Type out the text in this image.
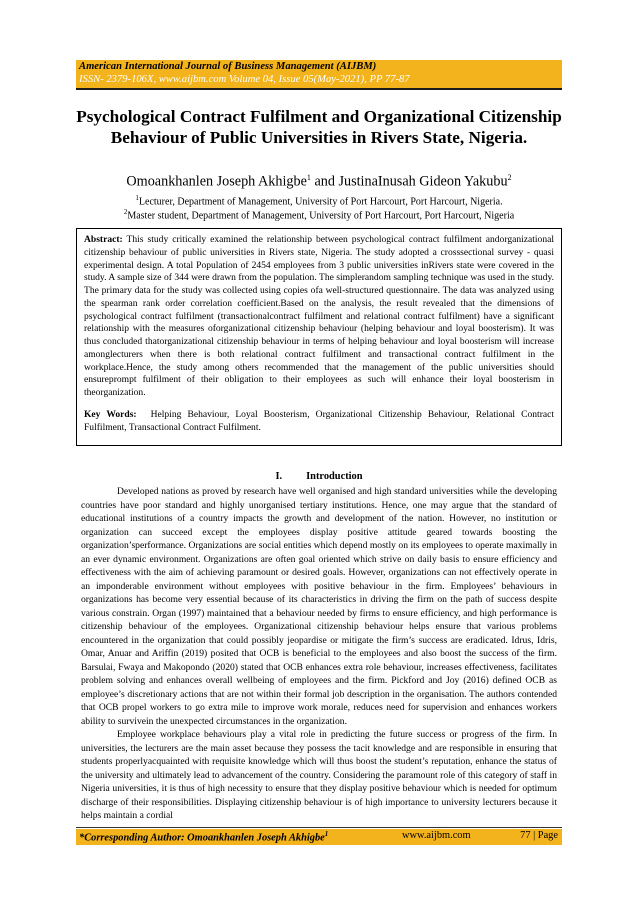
American International Journal of Business Management (AIJBM)
ISSN- 2379-106X, www.aijbm.com Volume 04, Issue 05(May-2021), PP 77-87
Psychological Contract Fulfilment and Organizational Citizenship Behaviour of Public Universities in Rivers State, Nigeria.
Omoankhanlen Joseph Akhigbe$^1$ and JustinaInusah Gideon Yakubu$^2$
$^1$Lecturer, Department of Management, University of Port Harcourt, Port Harcourt, Nigeria.
$^2$Master student, Department of Management, University of Port Harcourt, Port Harcourt, Nigeria
Abstract: This study critically examined the relationship between psychological contract fulfilment andorganizational citizenship behaviour of public universities in Rivers state, Nigeria. The study adopted a crosssectional survey - quasi experimental design. A total Population of 2454 employees from 3 public universities inRivers state were covered in the study. A sample size of 344 were drawn from the population. The simplerandom sampling technique was used in the study. The primary data for the study was collected using copies ofa well-structured questionnaire. The data was analyzed using the spearman rank order correlation coefficient.Based on the analysis, the result revealed that the dimensions of psychological contract fulfilment (transactionalcontract fulfilment and relational contract fulfilment) have a significant relationship with the measures oforganizational citizenship behaviour (helping behaviour and loyal boosterism). It was thus concluded thatorganizational citizenship behaviour in terms of helping behaviour and loyal boosterism will increase amonglecturers when there is both relational contract fulfilment and transactional contract fulfilment in the workplace.Hence, the study among others recommended that the management of the public universities should ensureprompt fulfilment of their obligation to their employees as such will enhance their loyal boosterism in theorganization.
Key Words: Helping Behaviour, Loyal Boosterism, Organizational Citizenship Behaviour, Relational Contract Fulfilment, Transactional Contract Fulfilment.
I. Introduction

Developed nations as proved by research have well organised and high standard universities while the developing countries have poor standard and highly unorganised tertiary institutions. Hence, one may argue that the standard of educational institutions of a country impacts the growth and development of the nation. However, no institution or organization can succeed except the employees display positive attitude geared towards boosting the organization’sperformance. Organizations are social entities which depend mostly on its employees to operate maximally in an ever dynamic environment. Organizations are often goal oriented which strive on daily basis to ensure efficiency and effectiveness with the aim of achieving paramount or desired goals. However, organizations can not effectively operate in an imponderable environment without employees with positive behaviour in the firm. Employees’ behaviours in organizations has become very essential because of its characteristics in driving the firm on the path of success despite various constrain. Organ (1997) maintained that a behaviour needed by firms to ensure efficiency, and high performance is citizenship behaviour of the employees. Organizational citizenship behaviour helps ensure that various problems encountered in the organization that could possibly jeopardise or mitigate the firm’s success are eradicated. Idrus, Idris, Omar, Anuar and Ariffin (2019) posited that OCB is beneficial to the employees and also boost the success of the firm. Barsulai, Fwaya and Makopondo (2020) stated that OCB enhances extra role behaviour, increases effectiveness, facilitates problem solving and enhances overall wellbeing of employees and the firm. Pickford and Joy (2016) defined OCB as employee’s discretionary actions that are not within their formal job description in the organisation. The authors contended that OCB propel workers to go extra mile to improve work morale, reduces need for supervision and enhances workers ability to survivein the unexpected circumstances in the organization.

Employee workplace behaviours play a vital role in predicting the future success or progress of the firm. In universities, the lecturers are the main asset because they possess the tacit knowledge and are responsible in ensuring that students properlyacquainted with requisite knowledge which will thus boost the student’s reputation, enhance the status of the university and ultimately lead to advancement of the country. Considering the paramount role of this category of staff in Nigeria universities, it is thus of high necessity to ensure that they display positive behaviour which is needed for optimum discharge of their responsibilities. Displaying citizenship behaviour is of high importance to university lecturers because it helps maintain a cordial

*Corresponding Author: Omoankhanlen Joseph Akhigbe$^1$	www.aijbm.com	77 | Page
